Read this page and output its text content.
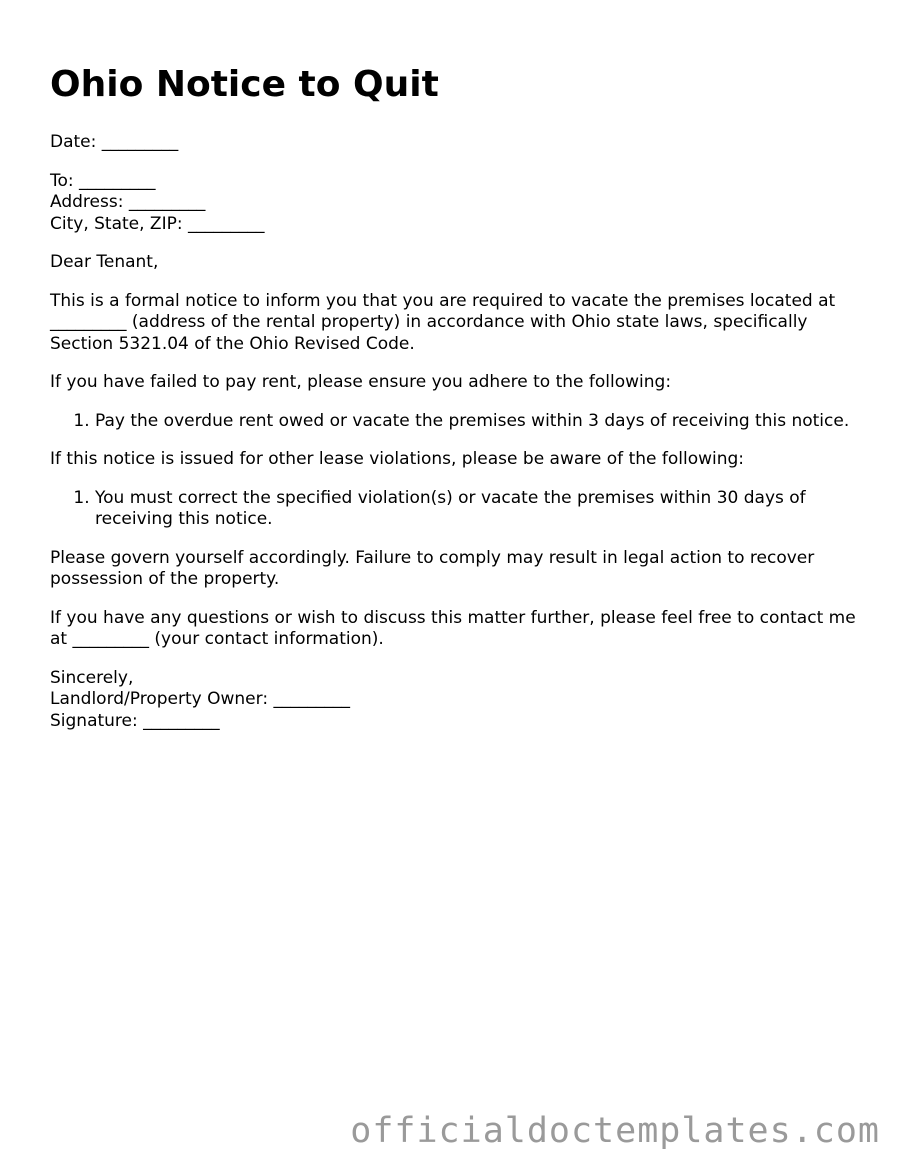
Ohio Notice to Quit

Date: _________

To: _________
Address: _________
City, State, ZIP: _________

Dear Tenant,

This is a formal notice to inform you that you are required to vacate the premises located at _________ (address of the rental property) in accordance with Ohio state laws, specifically Section 5321.04 of the Ohio Revised Code.

If you have failed to pay rent, please ensure you adhere to the following:

1. Pay the overdue rent owed or vacate the premises within 3 days of receiving this notice.

If this notice is issued for other lease violations, please be aware of the following:

1. You must correct the specified violation(s) or vacate the premises within 30 days of receiving this notice.

Please govern yourself accordingly. Failure to comply may result in legal action to recover possession of the property.

If you have any questions or wish to discuss this matter further, please feel free to contact me at _________ (your contact information).

Sincerely,
Landlord/Property Owner: _________
Signature: _________

officialdoctemplates.com
